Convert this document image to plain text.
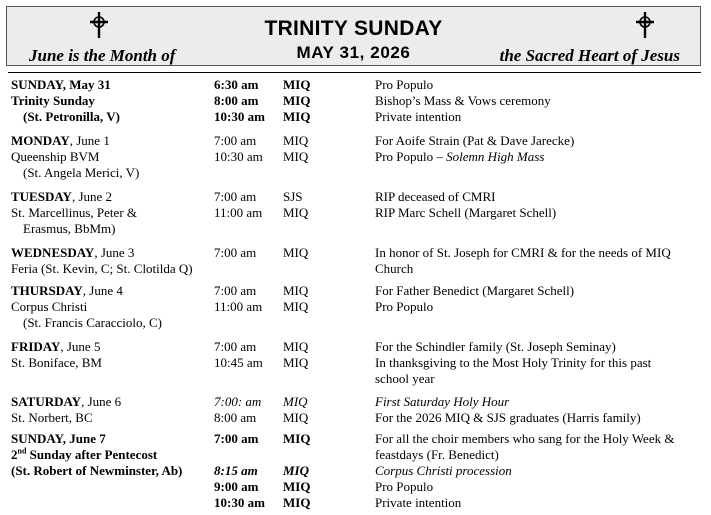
TRINITY SUNDAY
MAY 31, 2026
June is the Month of	the Sacred Heart of Jesus
SUNDAY, May 31
Trinity Sunday
(St. Petronilla, V)
6:30 am MIQ
8:00 am MIQ
10:30 am MIQ
Pro Populo
Bishop’s Mass & Vows ceremony
Private intention
MONDAY, June 1
Queenship BVM
(St. Angela Merici, V)
7:00 am MIQ
10:30 am MIQ
For Aoife Strain (Pat & Dave Jarecke)
Pro Populo – Solemn High Mass
TUESDAY, June 2
St. Marcellinus, Peter &
Erasmus, BbMm)
7:00 am SJS
11:00 am MIQ
RIP deceased of CMRI
RIP Marc Schell (Margaret Schell)
WEDNESDAY, June 3
Feria (St. Kevin, C; St. Clotilda Q)
7:00 am MIQ	In honor of St. Joseph for CMRI & for the needs of MIQ
Church
THURSDAY, June 4
Corpus Christi
(St. Francis Caracciolo, C)
7:00 am MIQ
11:00 am MIQ
For Father Benedict (Margaret Schell)
Pro Populo
FRIDAY, June 5
St. Boniface, BM
7:00 am MIQ
10:45 am MIQ
For the Schindler family (St. Joseph Seminay)
In thanksgiving to the Most Holy Trinity for this past
school year
SATURDAY, June 6
St. Norbert, BC
7:00: am MIQ
8:00 am MIQ
First Saturday Holy Hour
For the 2026 MIQ & SJS graduates (Harris family)
SUNDAY, June 7
2nd Sunday after Pentecost
(St. Robert of Newminster, Ab)
7:00 am MIQ
8:15 am MIQ
9:00 am MIQ
10:30 am MIQ
For all the choir members who sang for the Holy Week &
feastdays (Fr. Benedict)
Corpus Christi procession
Pro Populo
Private intention
